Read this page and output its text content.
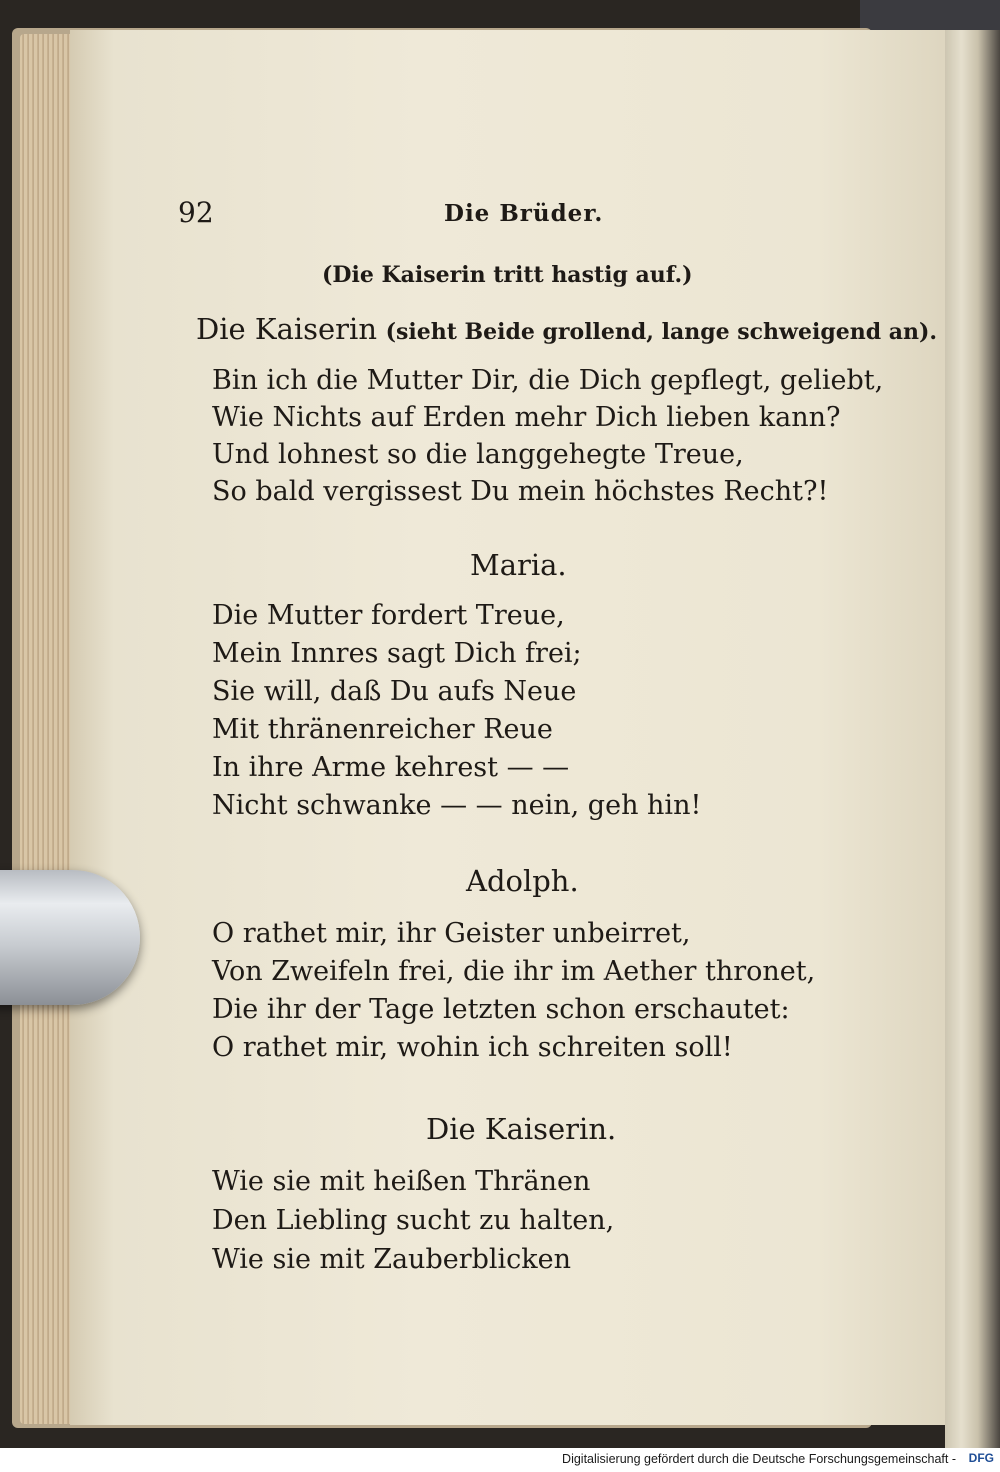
92	Die Brüder.
(Die Kaiserin tritt hastig auf.)
Die Kaiserin (sieht Beide grollend, lange schweigend an).
Bin ich die Mutter Dir, die Dich gepflegt, geliebt,
Wie Nichts auf Erden mehr Dich lieben kann?
Und lohnest so die langgehegte Treue,
So bald vergissest Du mein höchstes Recht?!
Maria.
Die Mutter fordert Treue,
Mein Innres sagt Dich frei;
Sie will, daß Du aufs Neue
Mit thränenreicher Reue
In ihre Arme kehrest — —
Nicht schwanke — — nein, geh hin!
Adolph.
O rathet mir, ihr Geister unbeirret,
Von Zweifeln frei, die ihr im Aether thronet,
Die ihr der Tage letzten schon erschautet:
O rathet mir, wohin ich schreiten soll!
Die Kaiserin.
Wie sie mit heißen Thränen
Den Liebling sucht zu halten,
Wie sie mit Zauberblicken
Digitalisierung gefördert durch die Deutsche Forschungsgemeinschaft - DFG
